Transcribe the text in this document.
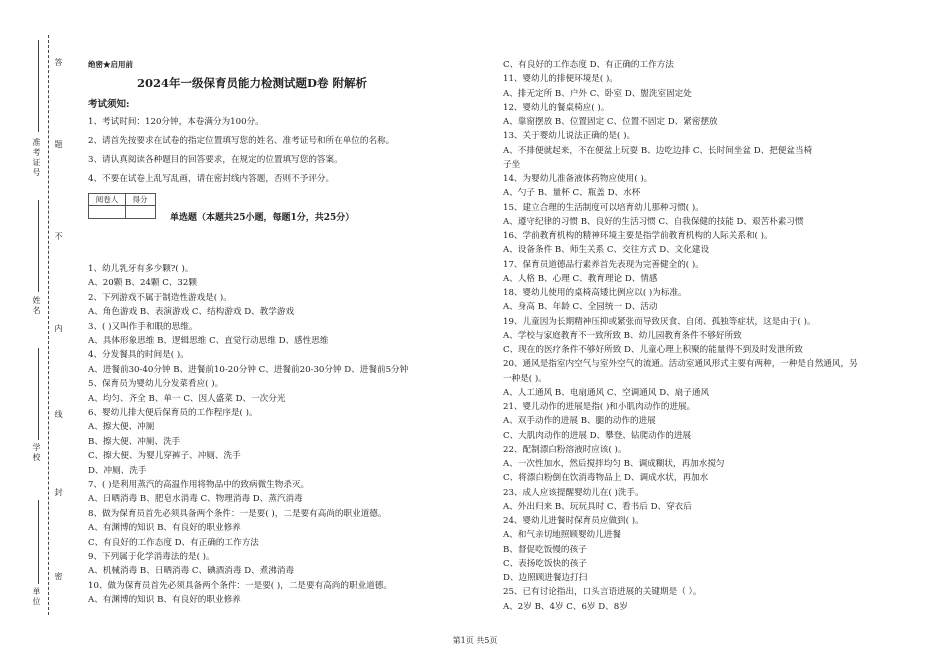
准考证号
姓名
学校
单位
答
题
不
内
线
封
密
绝密★启用前
2024年一级保育员能力检测试题D卷 附解析
考试须知:
1、考试时间：120分钟，本卷满分为100分。
2、请首先按要求在试卷的指定位置填写您的姓名、准考证号和所在单位的名称。
3、请认真阅读各种题目的回答要求，在规定的位置填写您的答案。
4、不要在试卷上乱写乱画，请在密封线内答题，否则不予评分。
阅卷人	得分
单选题（本题共25小题，每题1分，共25分）
1、幼儿乳牙有多少颗?( )。
A、20颗 B、24颗 C、32颗
2、下列游戏不属于制造性游戏是( )。
A、角色游戏 B、表演游戏 C、结构游戏 D、教学游戏
3、( )又叫作手和眼的思维。
A、具体形象思维 B、逻辑思维 C、直觉行动思维 D、感性思维
4、分发餐具的时间是( )。
A、进餐前30-40分钟 B、进餐前10-20分钟 C、进餐前20-30分钟 D、进餐前5分钟
5、保育员为婴幼儿分发菜肴应( )。
A、均匀、齐全 B、单一 C、因人盛菜 D、一次分光
6、婴幼儿排大便后保育员的工作程序是( )。
A、擦大便、冲厕
B、擦大便、冲厕、洗手
C、擦大便、为婴儿穿裤子、冲厕、洗手
D、冲厕、洗手
7、( )是利用蒸汽的高温作用将物品中的致病微生物杀灭。
A、日晒消毒 B、肥皂水消毒 C、物理消毒 D、蒸汽消毒
8、做为保育员首先必须具备两个条件：一是要( )，二是要有高尚的职业道德。
A、有渊博的知识 B、有良好的职业修养
C、有良好的工作态度 D、有正确的工作方法
9、下列属于化学消毒法的是( )。
A、机械消毒 B、日晒消毒 C、碘酒消毒 D、煮沸消毒
10、做为保育员首先必须具备两个条件：一是要( )，二是要有高尚的职业道德。
A、有渊博的知识 B、有良好的职业修养
C、有良好的工作态度 D、有正确的工作方法
11、婴幼儿的排便环境是( )。
A、排无定所 B、户外 C、卧室 D、盥洗室固定处
12、婴幼儿的餐桌椅应( )。
A、靠窗摆放 B、位置固定 C、位置不固定 D、紧密摆放
13、关于婴幼儿说法正确的是( )。
A、不排便就起来，不在便盆上玩耍 B、边吃边排 C、长时间坐盆 D、把便盆当椅
子坐
14、为婴幼儿准备液体药物应使用( )。
A、勺子 B、量杯 C、瓶盖 D、水杯
15、建立合理的生活制度可以培育幼儿那种习惯( )。
A、遵守纪律的习惯 B、良好的生活习惯 C、自我保健的技能 D、艰苦朴素习惯
16、学前教育机构的精神环境主要是指学前教育机构的人际关系和( )。
A、设备条件 B、师生关系 C、交往方式 D、文化建设
17、保育员道德品行素养首先表现为完善健全的( )。
A、人格 B、心理 C、教育理论 D、情感
18、婴幼儿使用的桌椅高矮比例应以( )为标准。
A、身高 B、年龄 C、全园统一 D、活动
19、儿童因为长期精神压抑或紧张而导致厌食、自闭、孤独等症状，这是由于( )。
A、学校与家庭教育不一致所致 B、幼儿园教育条件不够好所致
C、现在的医疗条件不够好所致 D、儿童心理上积聚的能量得不到及时发泄所致
20、通风是指室内空气与室外空气的流通。活动室通风形式主要有两种，一种是自然通风，另
一种是( )。
A、人工通风 B、电扇通风 C、空调通风 D、扇子通风
21、婴儿动作的进展是指( )和小肌肉动作的进展。
A、双手动作的进展 B、腿的动作的进展
C、大肌肉动作的进展 D、攀登、钻爬动作的进展
22、配制漂白粉溶液时应该( )。
A、一次性加水，然后搅拌均匀 B、调成糊状，再加水搅匀
C、将漂白粉倒在饮消毒物品上 D、调成水状，再加水
23、成人应该提醒婴幼儿在( )洗手。
A、外出归来 B、玩玩具时 C、看书后 D、穿衣后
24、婴幼儿进餐时保育员应做到( )。
A、和气亲切地照顾婴幼儿进餐
B、督促吃饭慢的孩子
C、表扬吃饭快的孩子
D、边照顾进餐边打扫
25、已有讨论指出，口头言语进展的关键期是（ ）。
A、2岁 B、4岁 C、6岁 D、8岁
第1页 共5页
